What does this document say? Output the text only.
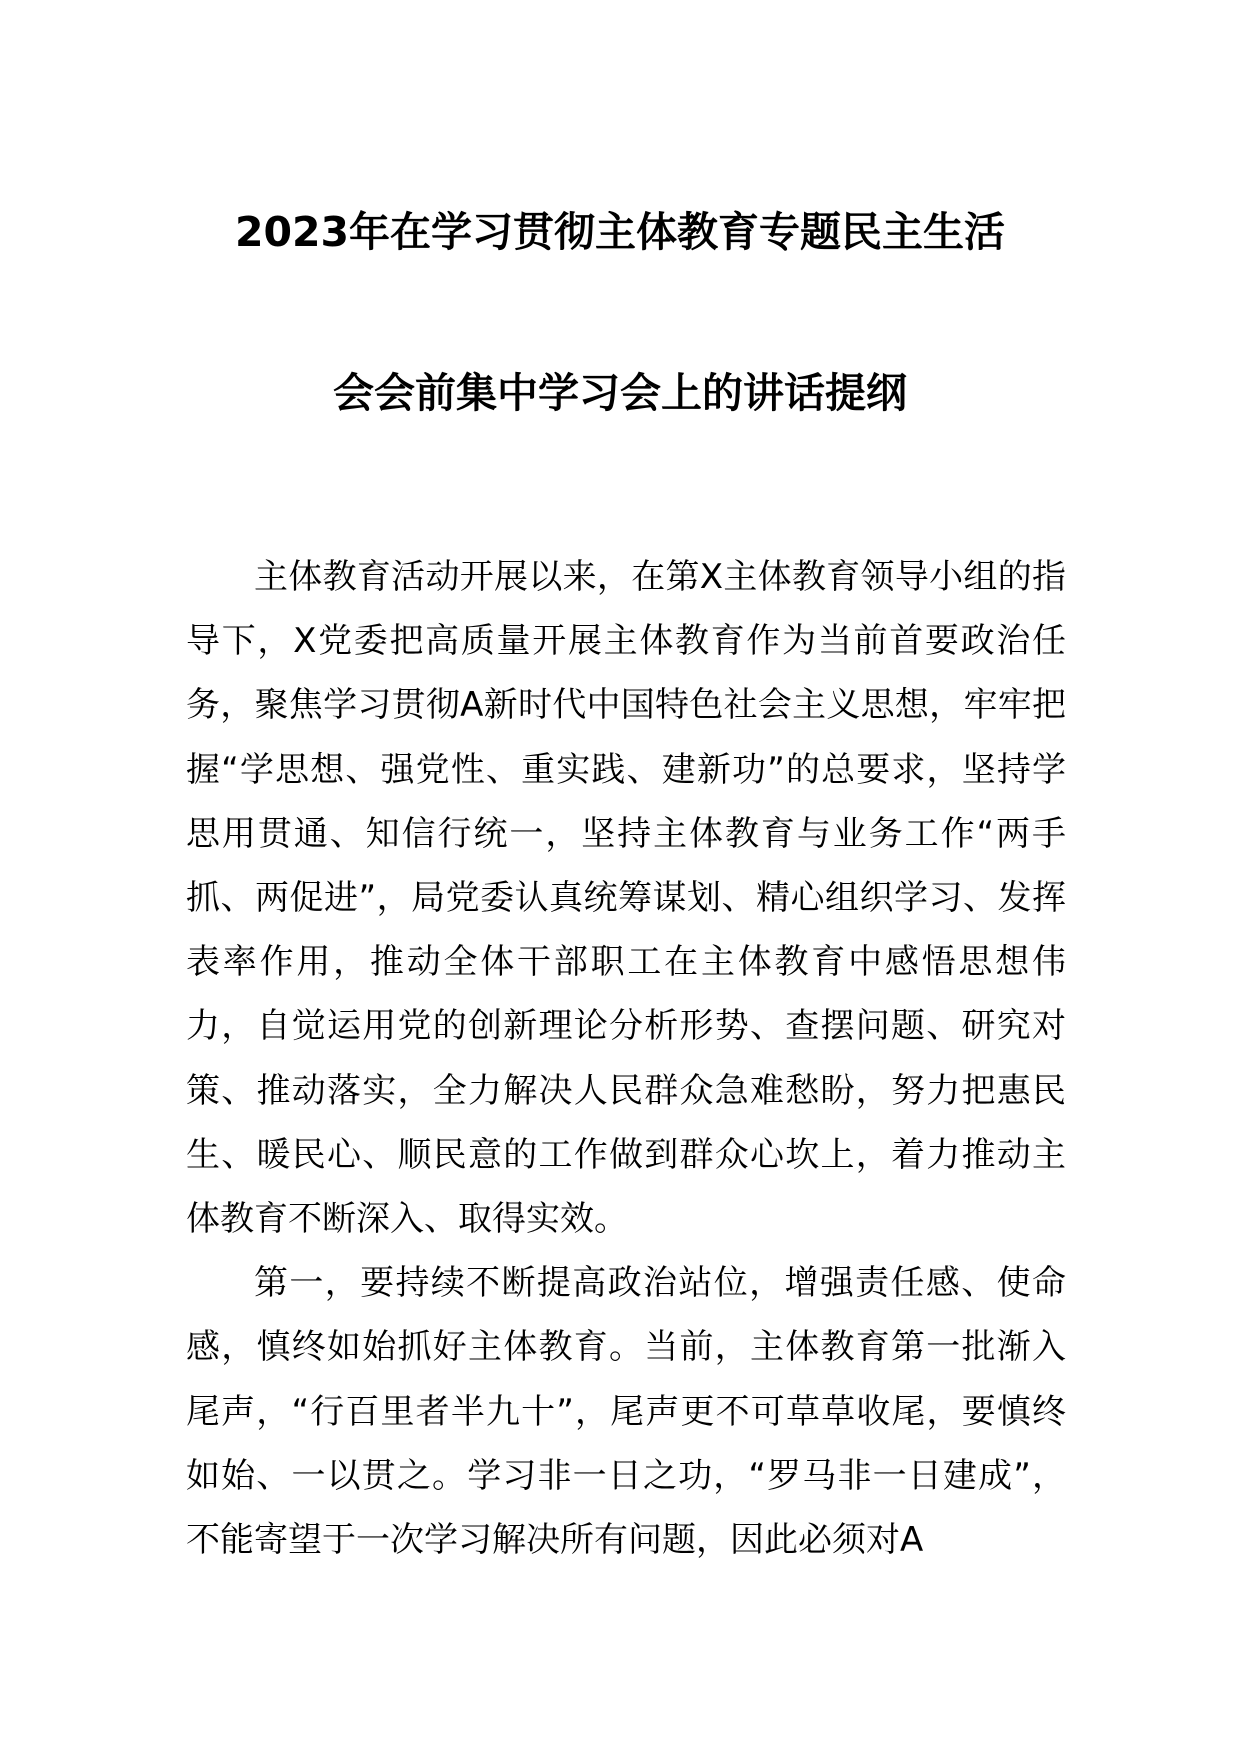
2023年在学习贯彻主体教育专题民主生活
会会前集中学习会上的讲话提纲

主体教育活动开展以来，在第X主体教育领导小组的指导下，X党委把高质量开展主体教育作为当前首要政治任务，聚焦学习贯彻A新时代中国特色社会主义思想，牢牢把握“学思想、强党性、重实践、建新功”的总要求，坚持学思用贯通、知信行统一，坚持主体教育与业务工作“两手抓、两促进”，局党委认真统筹谋划、精心组织学习、发挥表率作用，推动全体干部职工在主体教育中感悟思想伟力，自觉运用党的创新理论分析形势、查摆问题、研究对策、推动落实，全力解决人民群众急难愁盼，努力把惠民生、暖民心、顺民意的工作做到群众心坎上，着力推动主体教育不断深入、取得实效。

第一，要持续不断提高政治站位，增强责任感、使命感，慎终如始抓好主体教育。当前，主体教育第一批渐入尾声，“行百里者半九十”，尾声更不可草草收尾，要慎终如始、一以贯之。学习非一日之功，“罗马非一日建成”，不能寄望于一次学习解决所有问题，因此必须对A
